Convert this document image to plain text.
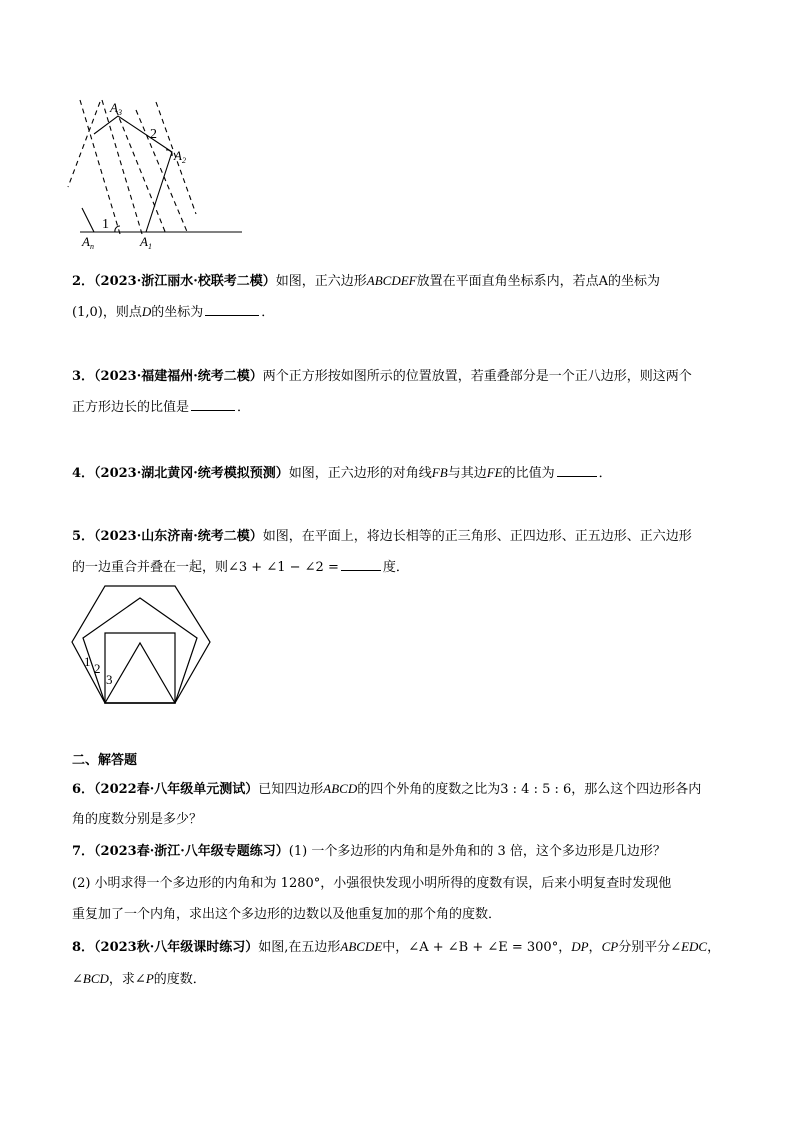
$A_3$
$A_2$
$A_n$	$A_1$
1
2
2．（2023·浙江丽水·校联考二模）如图，正六边形ABCDEF放置在平面直角坐标系内，若点A的坐标为
(1,0)，则点D的坐标为	．
3．（2023·福建福州·统考二模）两个正方形按如图所示的位置放置，若重叠部分是一个正八边形，则这两个
正方形边长的比值是	．
4．（2023·湖北黄冈·统考模拟预测）如图，正六边形的对角线FB与其边FE的比值为	．
5．（2023·山东济南·统考二模）如图，在平面上，将边长相等的正三角形、正四边形、正五边形、正六边形
的一边重合并叠在一起，则∠3 + ∠1 − ∠2 =	度．
1 2
3
二、解答题
6．（2022春·八年级单元测试）已知四边形ABCD的四个外角的度数之比为3 : 4 : 5 : 6，那么这个四边形各内
角的度数分别是多少？
7．（2023春·浙江·八年级专题练习）(1) 一个多边形的内角和是外角和的 3 倍，这个多边形是几边形？
(2) 小明求得一个多边形的内角和为 1280°，小强很快发现小明所得的度数有误，后来小明复查时发现他
重复加了一个内角，求出这个多边形的边数以及他重复加的那个角的度数．
8．（2023秋·八年级课时练习）如图,在五边形ABCDE中，∠A + ∠B + ∠E = 300°，DP，CP分别平分∠EDC，
∠BCD，求∠P的度数．
